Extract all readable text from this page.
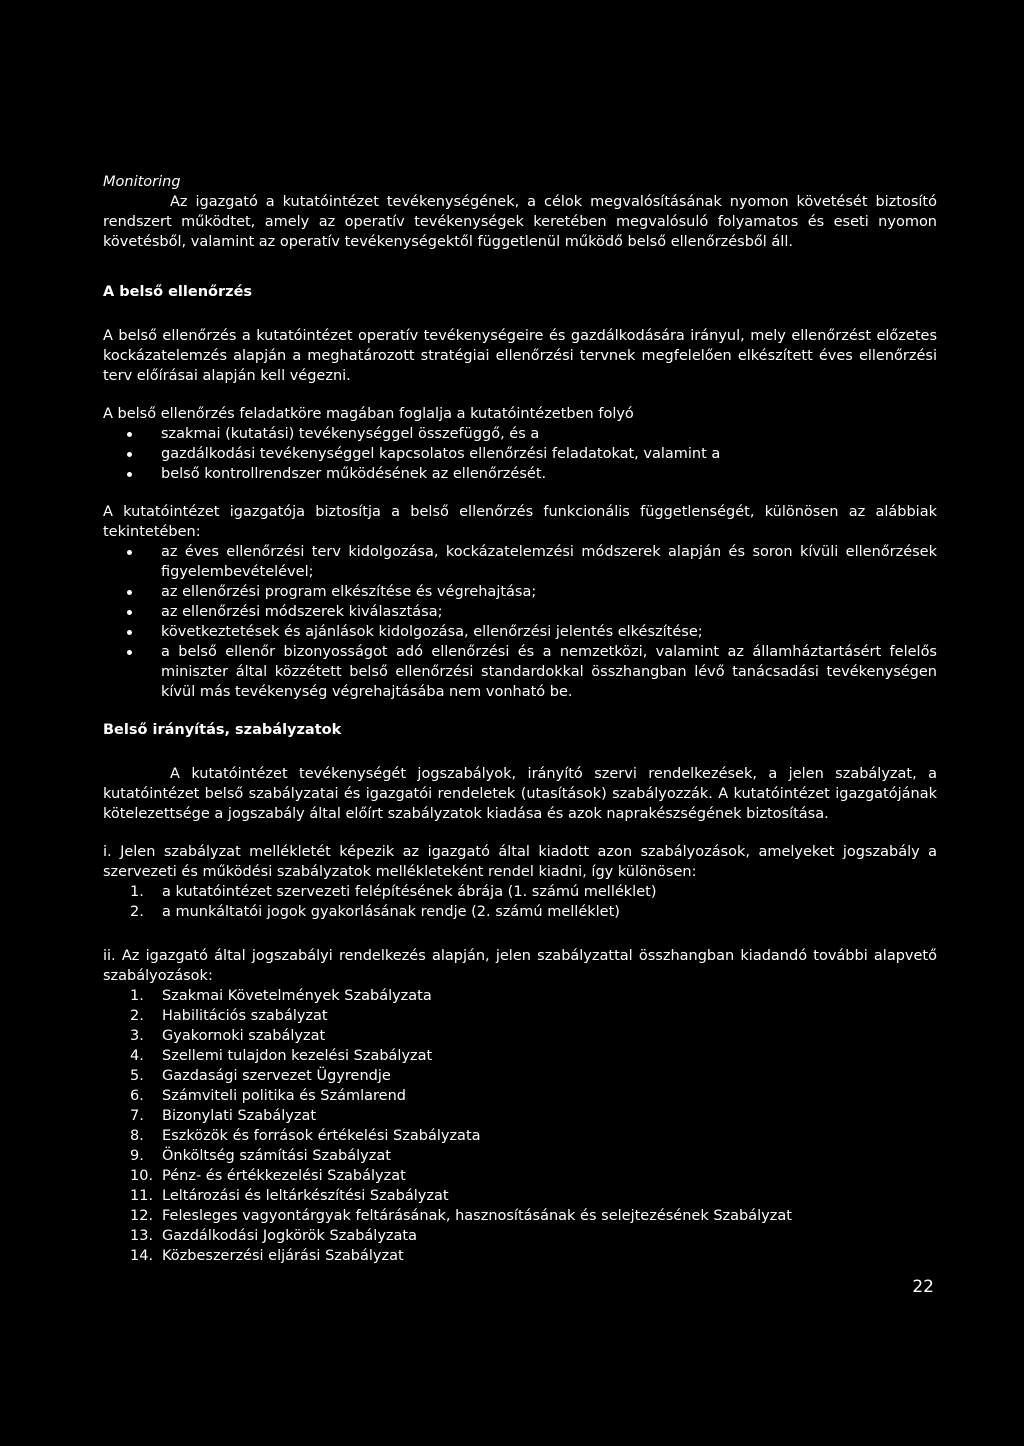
Monitoring

Az igazgató a kutatóintézet tevékenységének, a célok megvalósításának nyomon követését biztosító rendszert működtet, amely az operatív tevékenységek keretében megvalósuló folyamatos és eseti nyomon követésből, valamint az operatív tevékenységektől függetlenül működő belső ellenőrzésből áll.

A belső ellenőrzés

A belső ellenőrzés a kutatóintézet operatív tevékenységeire és gazdálkodására irányul, mely ellenőrzést előzetes kockázatelemzés alapján a meghatározott stratégiai ellenőrzési tervnek megfelelően elkészített éves ellenőrzési terv előírásai alapján kell végezni.

A belső ellenőrzés feladatköre magában foglalja a kutatóintézetben folyó

szakmai (kutatási) tevékenységgel összefüggő, és a
gazdálkodási tevékenységgel kapcsolatos ellenőrzési feladatokat, valamint a
belső kontrollrendszer működésének az ellenőrzését.

A kutatóintézet igazgatója biztosítja a belső ellenőrzés funkcionális függetlenségét, különösen az alábbiak tekintetében:

az éves ellenőrzési terv kidolgozása, kockázatelemzési módszerek alapján és soron kívüli ellenőrzések figyelembevételével;
az ellenőrzési program elkészítése és végrehajtása;
az ellenőrzési módszerek kiválasztása;
következtetések és ajánlások kidolgozása, ellenőrzési jelentés elkészítése;
a belső ellenőr bizonyosságot adó ellenőrzési és a nemzetközi, valamint az államháztartásért felelős miniszter által közzétett belső ellenőrzési standardokkal összhangban lévő tanácsadási tevékenységen kívül más tevékenység végrehajtásába nem vonható be.

Belső irányítás, szabályzatok

A kutatóintézet tevékenységét jogszabályok, irányító szervi rendelkezések, a jelen szabályzat, a kutatóintézet belső szabályzatai és igazgatói rendeletek (utasítások) szabályozzák. A kutatóintézet igazgatójának kötelezettsége a jogszabály által előírt szabályzatok kiadása és azok naprakészségének biztosítása.

i. Jelen szabályzat mellékletét képezik az igazgató által kiadott azon szabályozások, amelyeket jogszabály a szervezeti és működési szabályzatok mellékleteként rendel kiadni, így különösen:

1.	a kutatóintézet szervezeti felépítésének ábrája (1. számú melléklet)
2.	a munkáltatói jogok gyakorlásának rendje (2. számú melléklet)

ii. Az igazgató által jogszabályi rendelkezés alapján, jelen szabályzattal összhangban kiadandó további alapvető szabályozások:

1.	Szakmai Követelmények Szabályzata
2.	Habilitációs szabályzat
3.	Gyakornoki szabályzat
4.	Szellemi tulajdon kezelési Szabályzat
5.	Gazdasági szervezet Ügyrendje
6.	Számviteli politika és Számlarend
7.	Bizonylati Szabályzat
8.	Eszközök és források értékelési Szabályzata
9.	Önköltség számítási Szabályzat
10. Pénz- és értékkezelési Szabályzat
11. Leltározási és leltárkészítési Szabályzat
12. Felesleges vagyontárgyak feltárásának, hasznosításának és selejtezésének Szabályzat
13. Gazdálkodási Jogkörök Szabályzata
14. Közbeszerzési eljárási Szabályzat
22
